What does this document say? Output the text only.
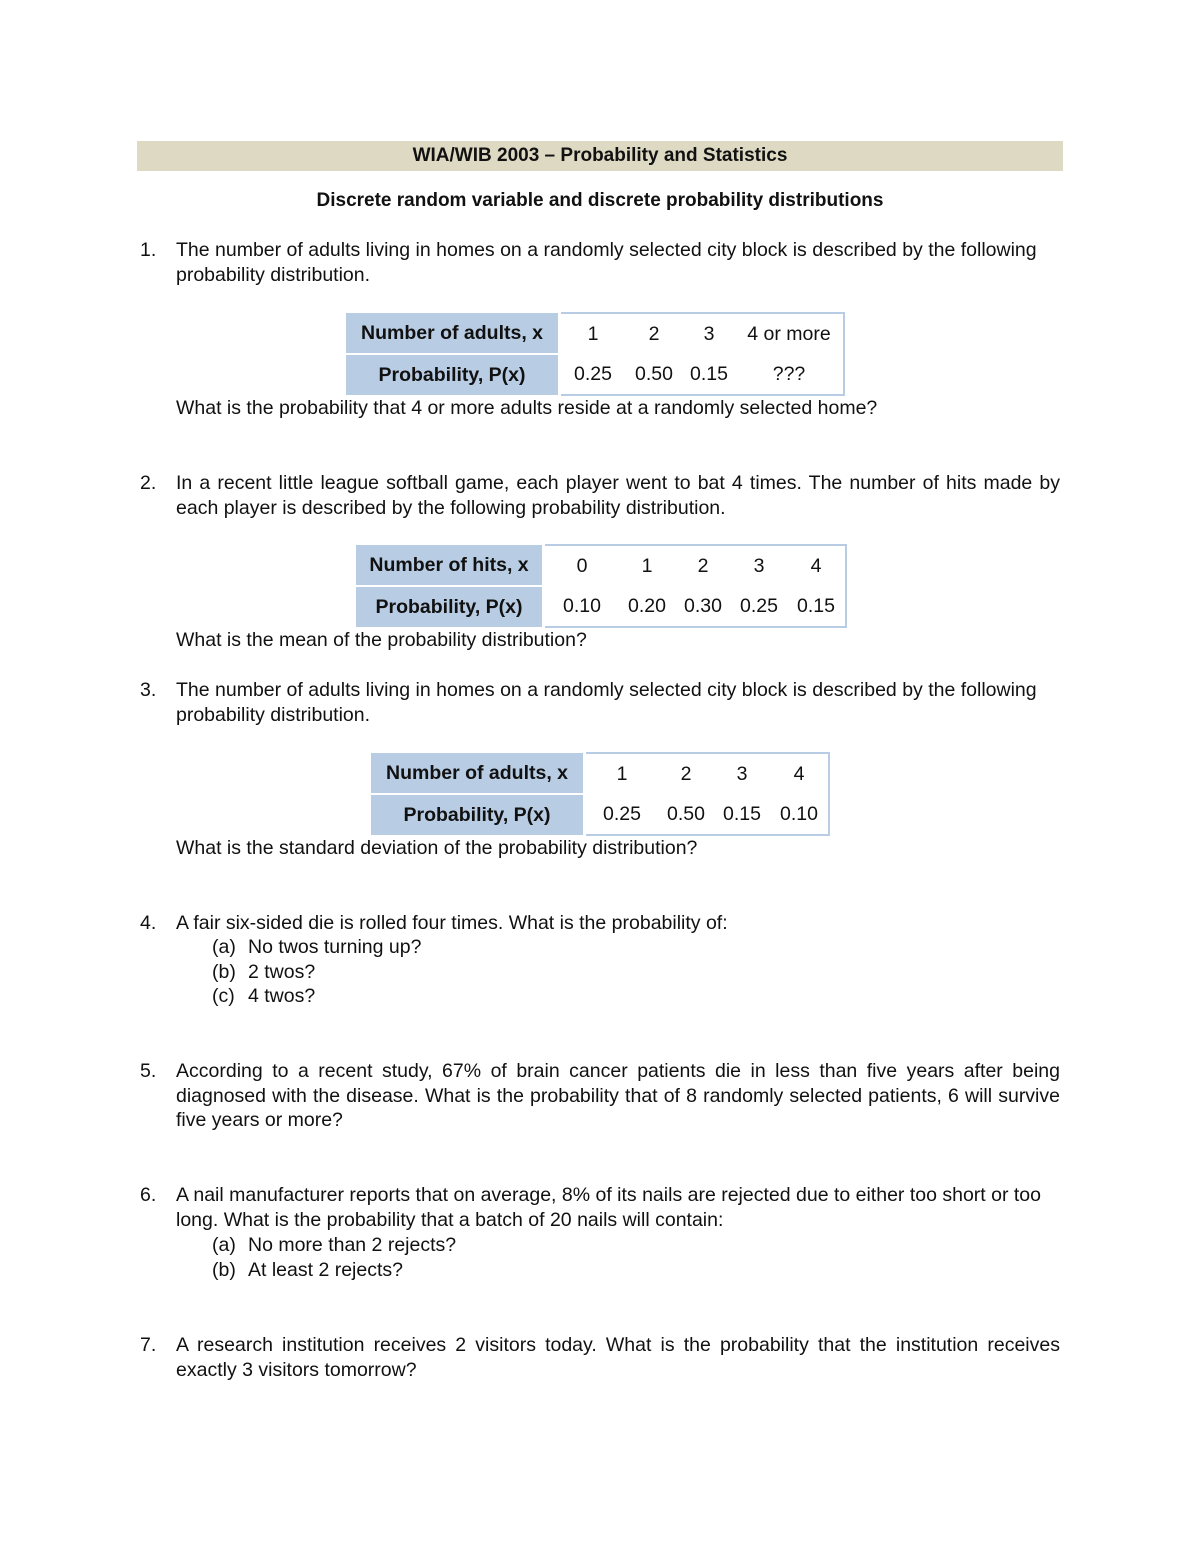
WIA/WIB 2003 – Probability and Statistics
Discrete random variable and discrete probability distributions
1.	The number of adults living in homes on a randomly selected city block is described by the following probability distribution.
Number of adults, x	1	2	3	4 or more
Probability, P(x)	0.25	0.50	0.15	???
What is the probability that 4 or more adults reside at a randomly selected home?
2.	In a recent little league softball game, each player went to bat 4 times. The number of hits made by each player is described by the following probability distribution.
Number of hits, x	0	1	2	3	4
Probability, P(x)	0.10	0.20	0.30	0.25	0.15
What is the mean of the probability distribution?
3.	The number of adults living in homes on a randomly selected city block is described by the following probability distribution.
Number of adults, x	1	2	3	4
Probability, P(x)	0.25	0.50	0.15	0.10
What is the standard deviation of the probability distribution?
4.	A fair six-sided die is rolled four times. What is the probability of:
(a) No twos turning up?
(b) 2 twos?
(c) 4 twos?
5.	According to a recent study, 67% of brain cancer patients die in less than five years after being diagnosed with the disease. What is the probability that of 8 randomly selected patients, 6 will survive five years or more?
6.	A nail manufacturer reports that on average, 8% of its nails are rejected due to either too short or too long. What is the probability that a batch of 20 nails will contain:
(a) No more than 2 rejects?
(b) At least 2 rejects?
7.	A research institution receives 2 visitors today. What is the probability that the institution receives exactly 3 visitors tomorrow?
